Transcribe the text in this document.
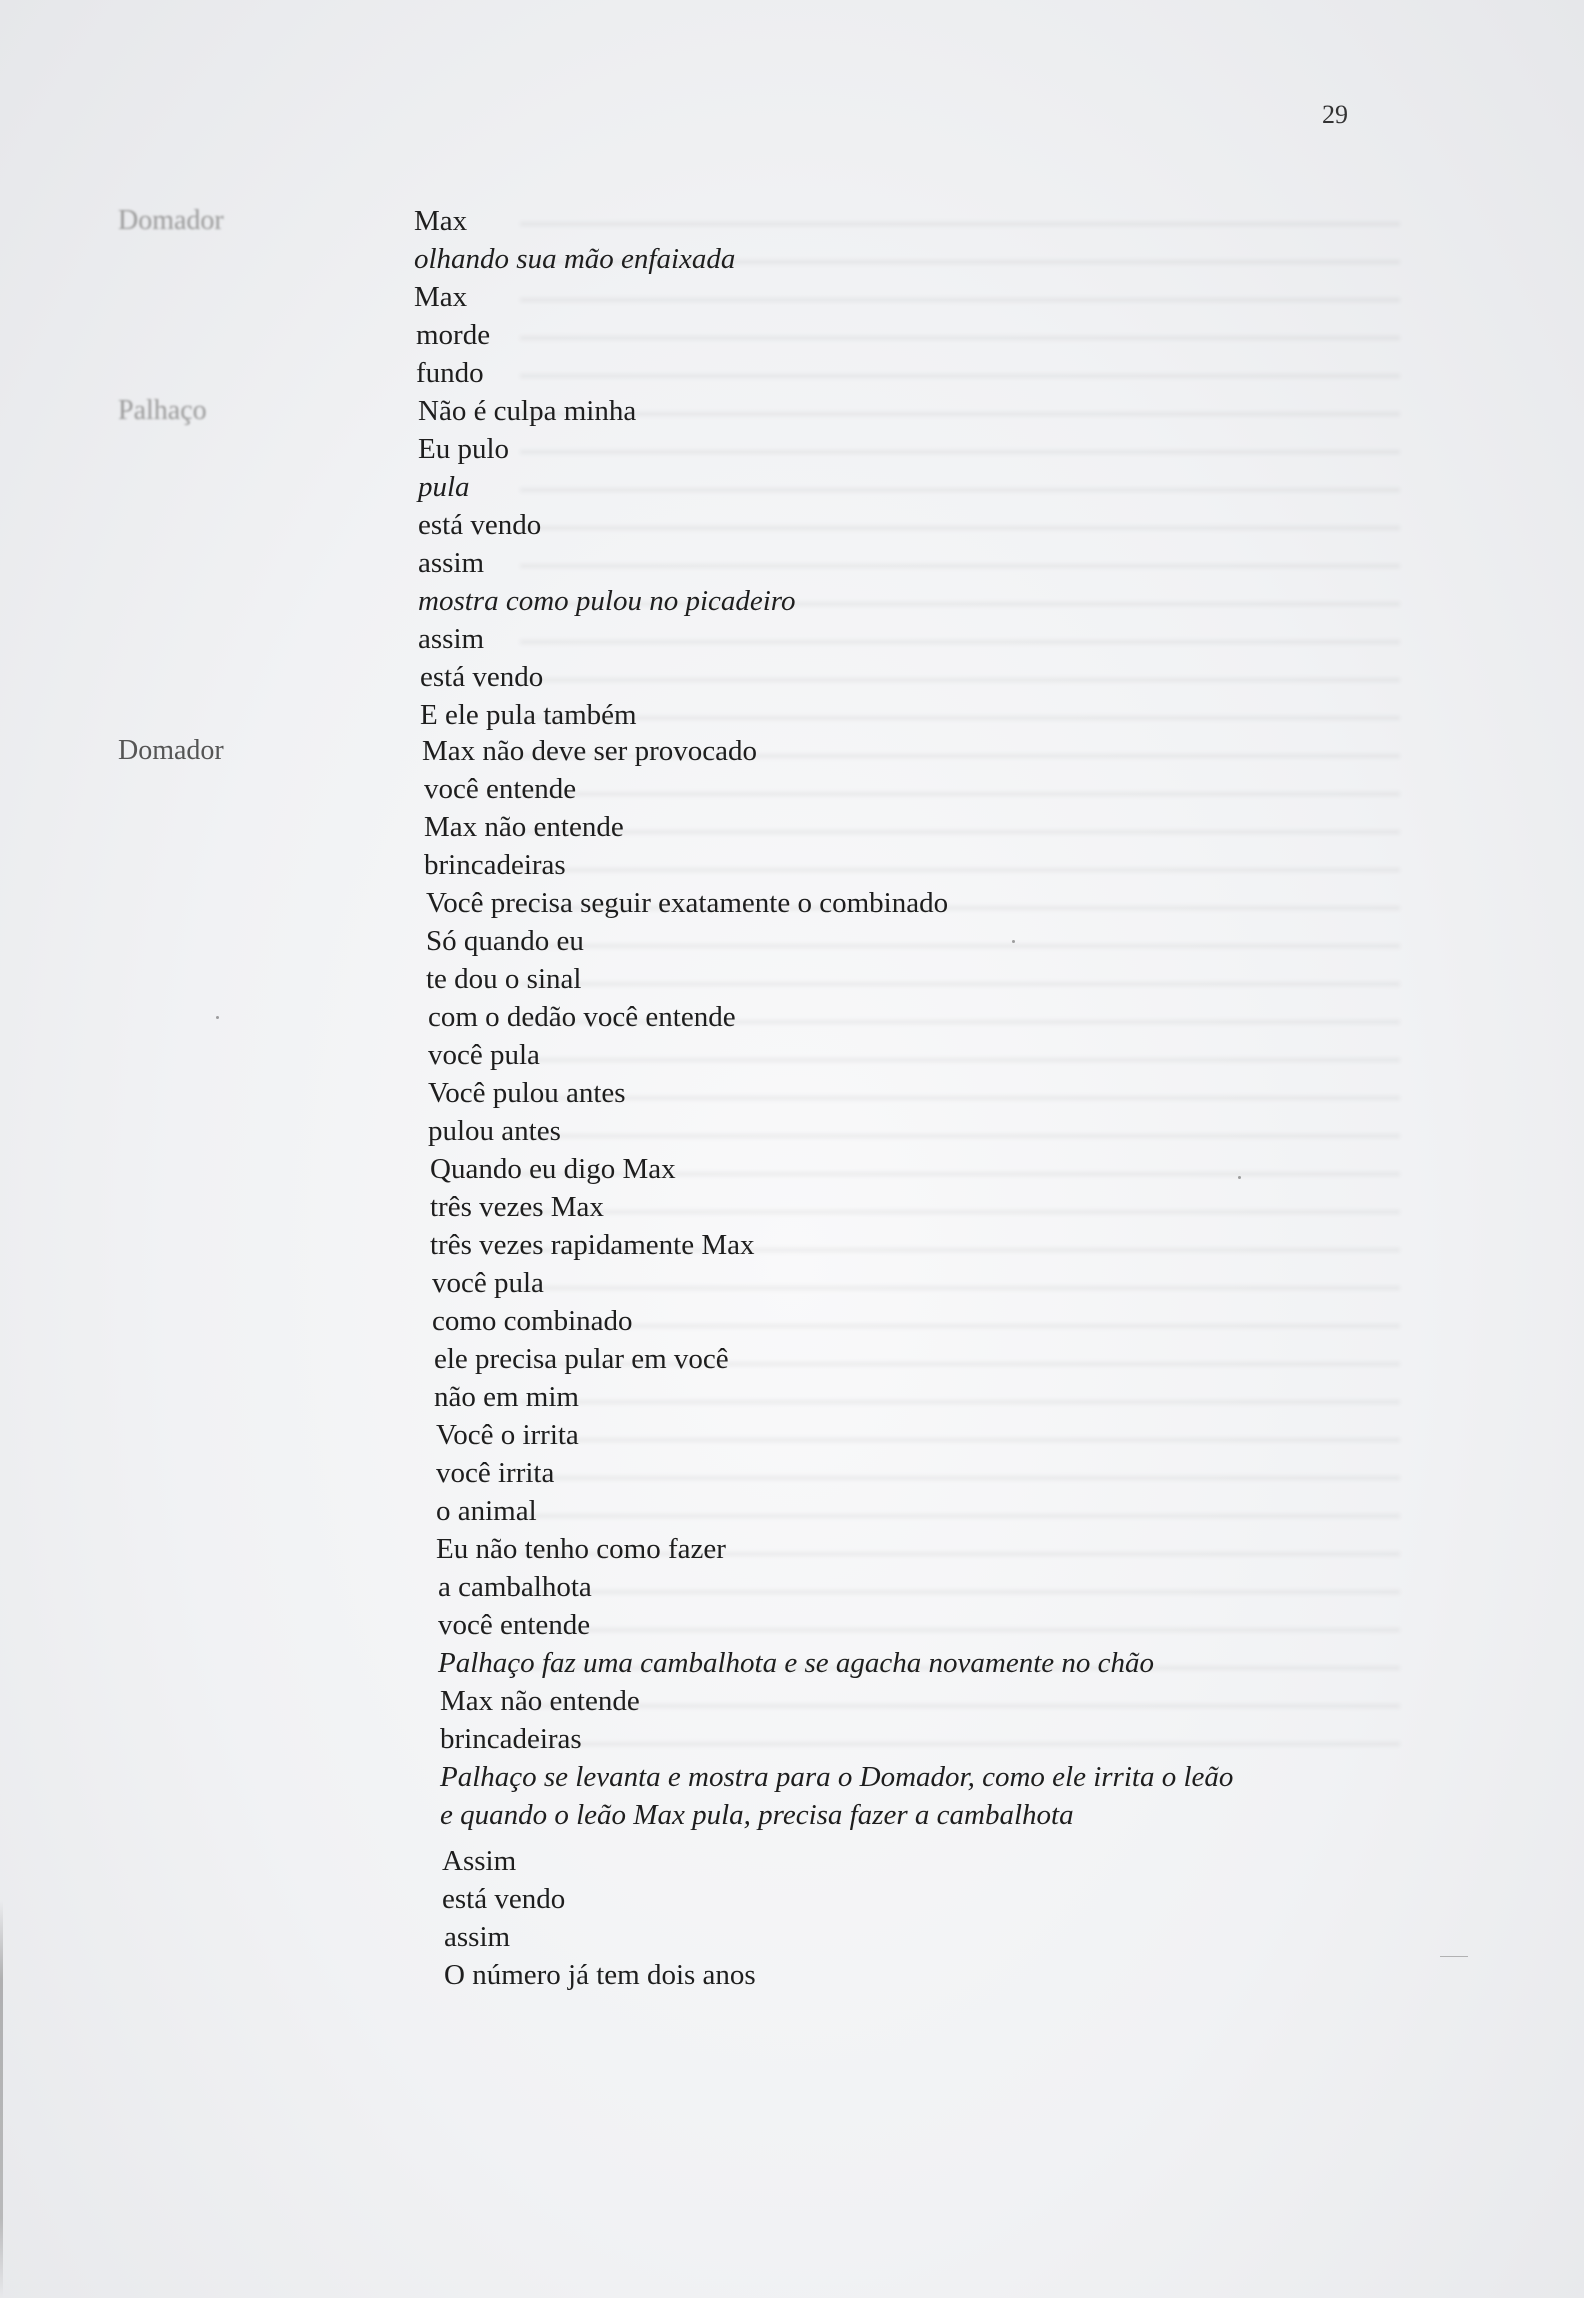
29
Domador
Palhaço
Domador
Max
olhando sua mão enfaixada
Max
morde
fundo
Não é culpa minha
Eu pulo
pula
está vendo
assim
mostra como pulou no picadeiro
assim
está vendo
E ele pula também
Max não deve ser provocado
você entende
Max não entende
brincadeiras
Você precisa seguir exatamente o combinado
Só quando eu
te dou o sinal
com o dedão você entende
você pula
Você pulou antes
pulou antes
Quando eu digo Max
três vezes Max
três vezes rapidamente Max
você pula
como combinado
ele precisa pular em você
não em mim
Você o irrita
você irrita
o animal
Eu não tenho como fazer
a cambalhota
você entende
Palhaço faz uma cambalhota e se agacha novamente no chão
Max não entende
brincadeiras
Palhaço se levanta e mostra para o Domador, como ele irrita o leão
e quando o leão Max pula, precisa fazer a cambalhota
Assim
está vendo
assim
O número já tem dois anos
